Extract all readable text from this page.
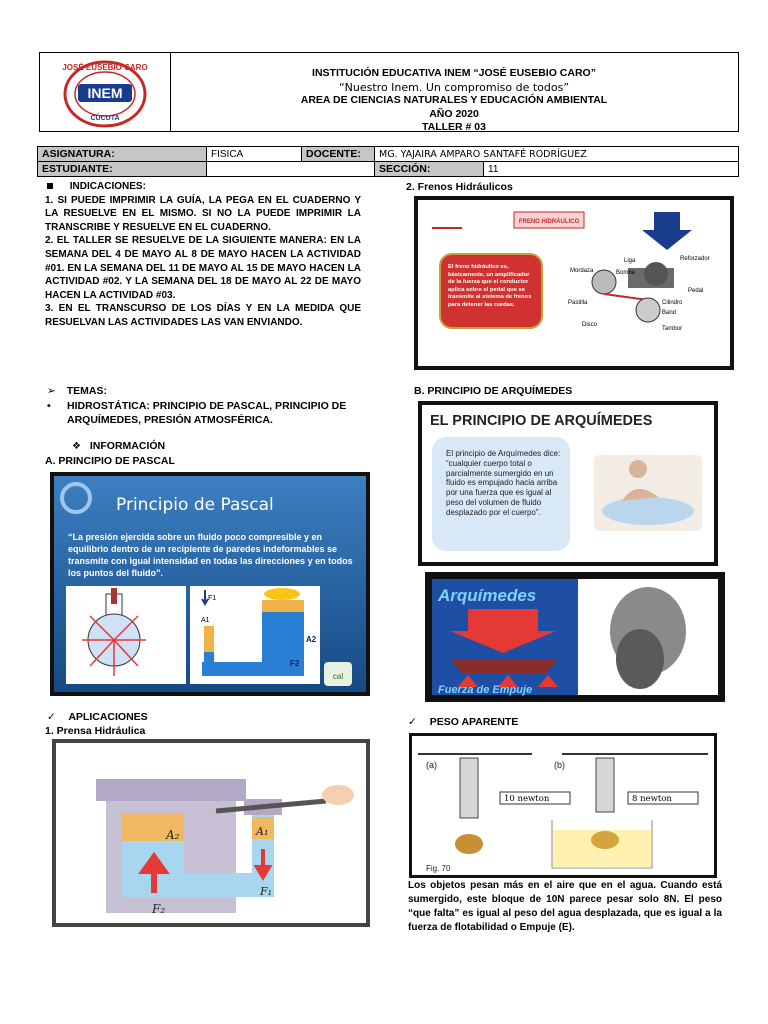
INEM
JOSÉ EUSEBIO CARO
CÚCUTA
INSTITUCIÓN EDUCATIVA INEM “JOSÉ EUSEBIO CARO”
“Nuestro Inem. Un compromiso de todos”
AREA DE CIENCIAS NATURALES Y EDUCACIÓN AMBIENTAL
AÑO 2020
TALLER # 03
ASIGNATURA:	FISICA	DOCENTE:	MG. YAJAIRA AMPARO SANTAFÉ RODRÍGUEZ	
ESTUDIANTE:			SECCIÓN:	11
INDICACIONES:

1. SI PUEDE IMPRIMIR LA GUÍA, LA PEGA EN EL CUADERNO Y LA RESUELVE EN EL MISMO. SI NO LA PUEDE IMPRIMIR LA TRANSCRIBE Y RESUELVE EN EL CUADERNO.

2. EL TALLER SE RESUELVE DE LA SIGUIENTE MANERA: EN LA SEMANA DEL 4 DE MAYO AL 8 DE MAYO HACEN LA ACTIVIDAD #01. EN LA SEMANA DEL 11 DE MAYO AL 15 DE MAYO HACEN LA ACTIVIDAD #02. Y LA SEMANA DEL 18 DE MAYO AL 22 DE MAYO HACEN LA ACTIVIDAD #03.

3. EN EL TRANSCURSO DE LOS DÍAS Y EN LA MEDIDA QUE RESUELVAN LAS ACTIVIDADES LAS VAN ENVIANDO.

➢ TEMAS:
• HIDROSTÁTICA: PRINCIPIO DE PASCAL, PRINCIPIO DE ARQUÍMEDES, PRESIÓN ATMOSFÉRICA.
❖ INFORMACIÓN
A. PRINCIPIO DE PASCAL
Principio de Pascal
A1
F1
A2
F2
cal
“La presión ejercida sobre un fluido poco compresible y en equilibrio dentro de un recipiente de paredes indeformables se transmite con igual intensidad en todas las direcciones y en todos los puntos del fluido”.
✓ APLICACIONES
1. Prensa Hidráulica
A₂	A₁
F₂
F₁
2. Frenos Hidráulicos
FRENO HIDRÁULICO
Mordaza
Liga
Bomba
Reforzador
Pedal
Pastilla	Cilindro
Band
Disco
Tambor
El freno hidráulico es, básicamente, un amplificador de la fuerza que el conductor aplica sobre el pedal que se transmite al sistema de frenos para detener las ruedas.
B. PRINCIPIO DE ARQUÍMEDES
EL PRINCIPIO DE ARQUÍMEDES
El principio de Arquímedes dice: “cualquier cuerpo total o parcialmente sumergido en un fluido es empujado hacia arriba por una fuerza que es igual al peso del volumen de fluido desplazado por el cuerpo”.
Arquímedes
Fuerza de Empuje
✓ PESO APARENTE
(a)	(b)
10 newton	8 newton
Fig. 70
Los objetos pesan más en el aire que en el agua. Cuando está sumergido, este bloque de 10N parece pesar solo 8N. El peso “que falta” es igual al peso del agua desplazada, que es igual a la fuerza de flotabilidad o Empuje (E).
